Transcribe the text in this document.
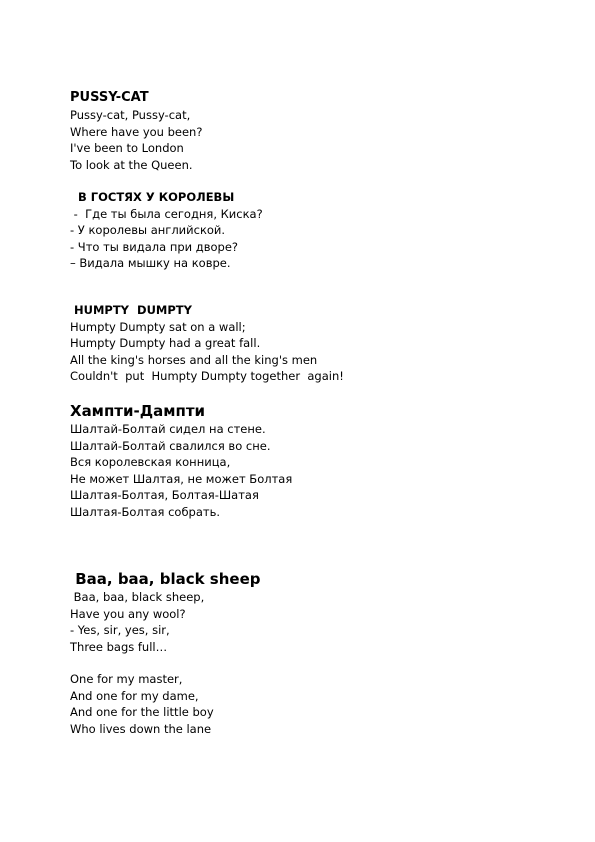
PUSSY-CAT
Pussy-cat, Pussy-cat,
Where have you been?
I've been to London
To look at the Queen.
В ГОСТЯХ У КОРОЛЕВЫ
-  Где ты была сегодня, Киска?
- У королевы английской.
- Что ты видала при дворе?
– Видала мышку на ковре.
HUMPTY  DUMPTY
Humpty Dumpty sat on a wall;
Humpty Dumpty had a great fall.
All the king's horses and all the king's men
Couldn't  put  Humpty Dumpty together  again!
Хампти-Дампти
Шалтай-Болтай сидел на стене.
Шалтай-Болтай свалился во сне.
Вся королевская конница,
Не может Шалтая, не может Болтая
Шалтая-Болтая, Болтая-Шатая
Шалтая-Болтая собрать.
Baa, baa, black sheep
Baa, baa, black sheep,
Have you any wool?
- Yes, sir, yes, sir,
Three bags full…
One for my master,
And one for my dame,
And one for the little boy
Who lives down the lane
